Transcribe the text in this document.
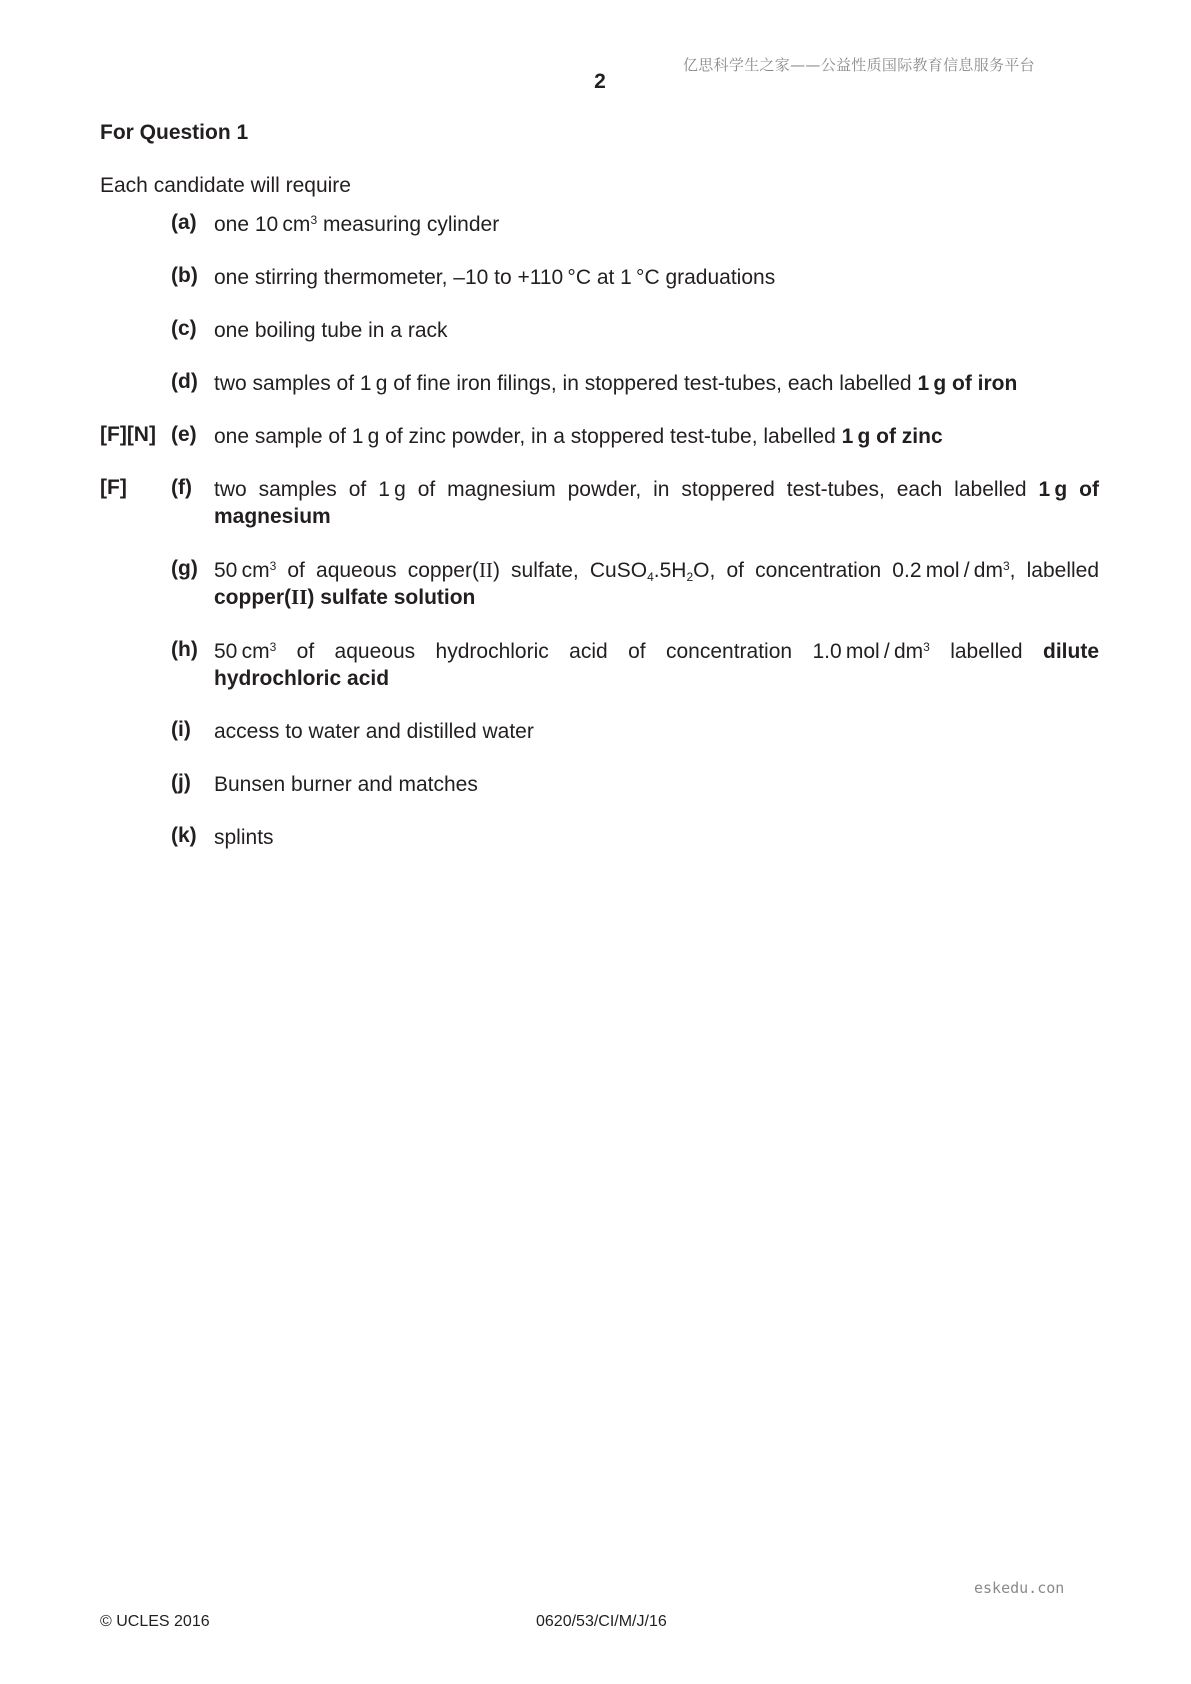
亿思科学生之家——公益性质国际教育信息服务平台
2
For Question 1
Each candidate will require
(a) one 10 $cm^3$ measuring cylinder
(b) one stirring thermometer, –10 to +110 °C at 1 °C graduations
(c) one boiling tube in a rack
(d) two samples of 1 g of fine iron filings, in stoppered test-tubes, each labelled 1 g of iron
[F][N] (e) one sample of 1 g of zinc powder, in a stoppered test-tube, labelled 1 g of zinc
[F] (f) two samples of 1 g of magnesium powder, in stoppered test-tubes, each labelled 1 g of magnesium
(g) 50 $cm^3$ of aqueous copper(II) sulfate, $CuSO_4.5H_2O$, of concentration 0.2 mol / $dm^3$, labelled copper(II) sulfate solution
(h) 50 $cm^3$ of aqueous hydrochloric acid of concentration 1.0 mol / $dm^3$ labelled dilute hydrochloric acid
(i) access to water and distilled water
(j) Bunsen burner and matches
(k) splints
eskedu.con
© UCLES 2016	0620/53/CI/M/J/16
